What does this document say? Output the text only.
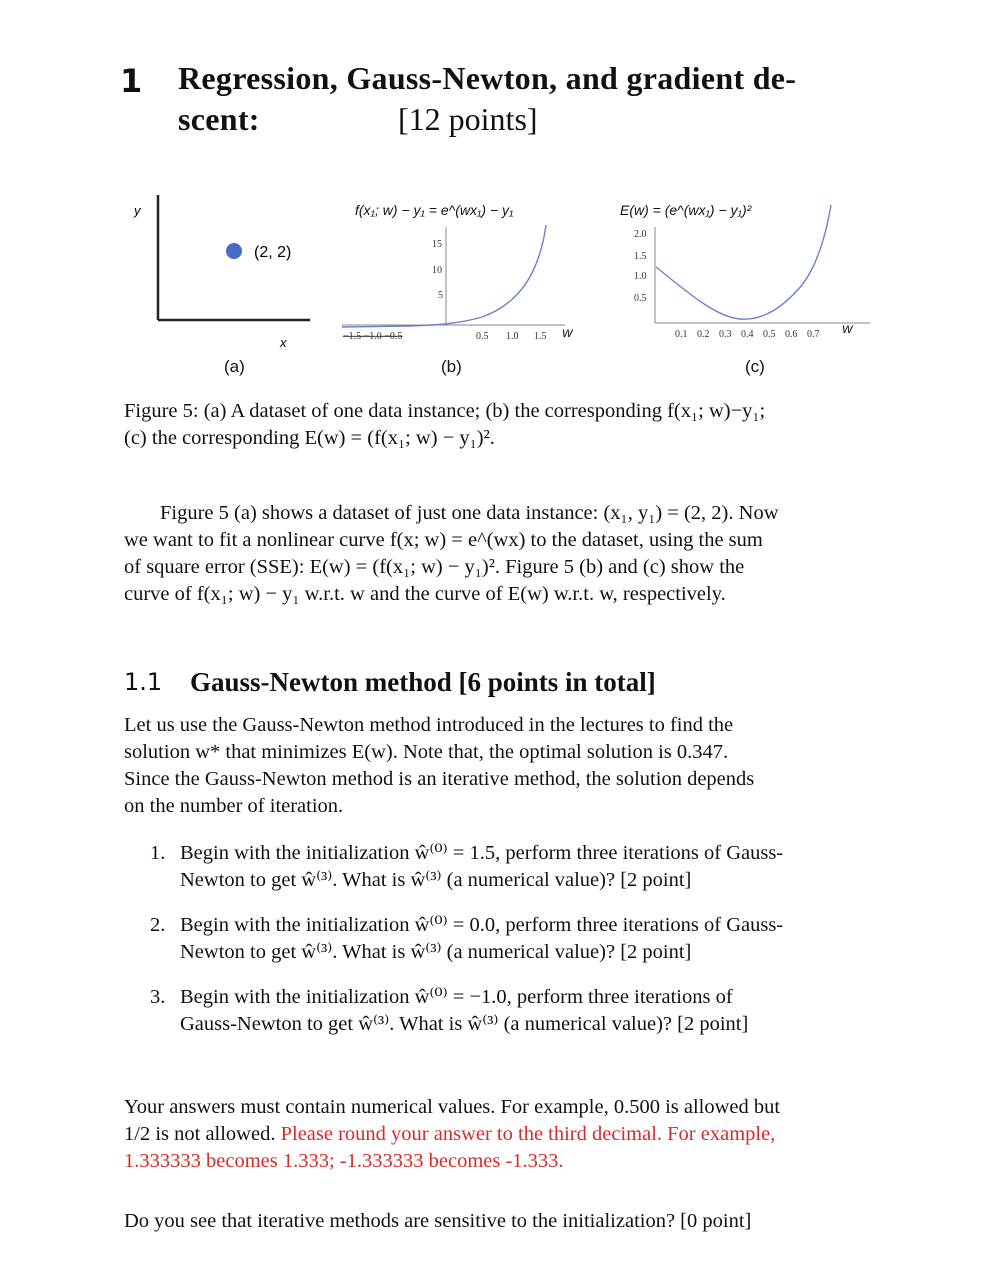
1 Regression, Gauss-Newton, and gradient de-
scent:	[12 points]
y
x
(2, 2)
f(x₁; w) − y₁ = e^(wx₁) − y₁
15
10
5
−1.5 −1.0 −0.5	0.5 1.0 1.5 W
E(w) = (e^(wx₁) − y₁)²
2.0
1.5
1.0
0.5
0.1 0.2 0.3 0.4 0.5 0.6 0.7 W
(a)	(b)	(c)
Figure 5: (a) A dataset of one data instance; (b) the corresponding f(x₁; w)−y₁;
(c) the corresponding E(w) = (f(x₁; w) − y₁)².
Figure 5 (a) shows a dataset of just one data instance: (x₁, y₁) = (2, 2). Now
we want to fit a nonlinear curve f(x; w) = e^(wx) to the dataset, using the sum
of square error (SSE): E(w) = (f(x₁; w) − y₁)². Figure 5 (b) and (c) show the
curve of f(x₁; w) − y₁ w.r.t. w and the curve of E(w) w.r.t. w, respectively.
1.1 Gauss-Newton method [6 points in total]
Let us use the Gauss-Newton method introduced in the lectures to find the
solution w* that minimizes E(w). Note that, the optimal solution is 0.347.
Since the Gauss-Newton method is an iterative method, the solution depends
on the number of iteration.
1. Begin with the initialization ŵ⁽⁰⁾ = 1.5, perform three iterations of Gauss-
Newton to get ŵ⁽³⁾. What is ŵ⁽³⁾ (a numerical value)? [2 point]
2. Begin with the initialization ŵ⁽⁰⁾ = 0.0, perform three iterations of Gauss-
Newton to get ŵ⁽³⁾. What is ŵ⁽³⁾ (a numerical value)? [2 point]
3. Begin with the initialization ŵ⁽⁰⁾ = −1.0, perform three iterations of
Gauss-Newton to get ŵ⁽³⁾. What is ŵ⁽³⁾ (a numerical value)? [2 point]
Your answers must contain numerical values. For example, 0.500 is allowed but
1/2 is not allowed. Please round your answer to the third decimal. For example,
1.333333 becomes 1.333; -1.333333 becomes -1.333.
Do you see that iterative methods are sensitive to the initialization? [0 point]
